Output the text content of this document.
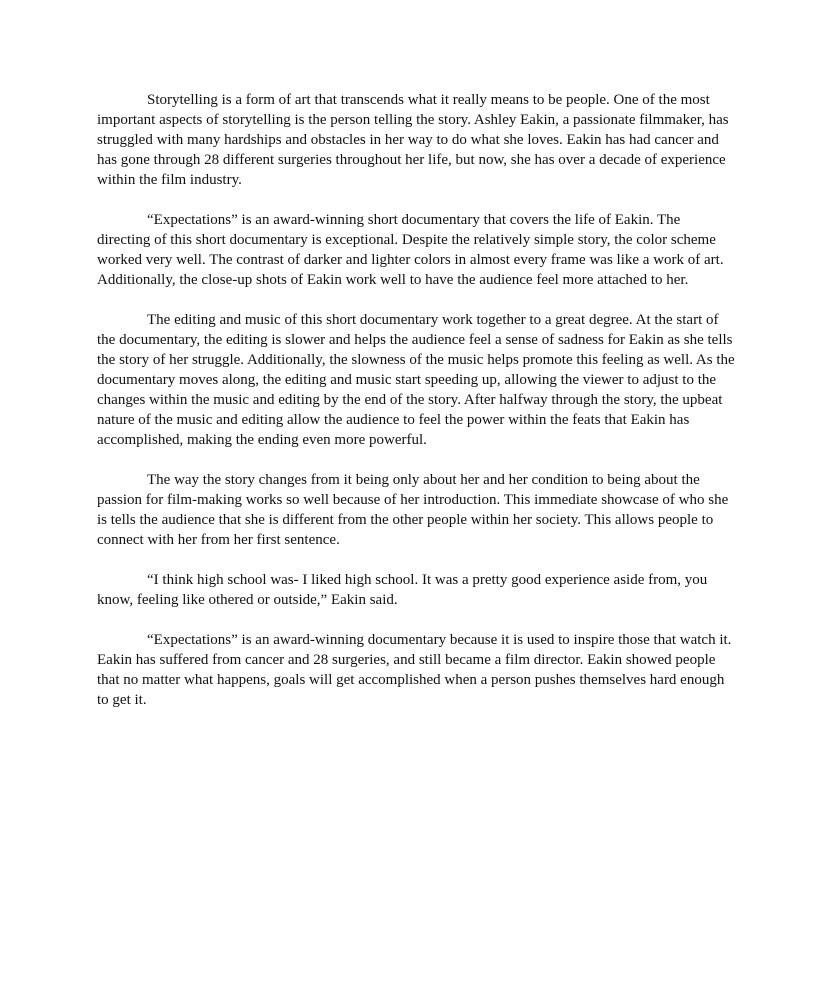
Storytelling is a form of art that transcends what it really means to be people. One of the most important aspects of storytelling is the person telling the story. Ashley Eakin, a passionate filmmaker, has struggled with many hardships and obstacles in her way to do what she loves. Eakin has had cancer and has gone through 28 different surgeries throughout her life, but now, she has over a decade of experience within the film industry.

“Expectations” is an award-winning short documentary that covers the life of Eakin. The directing of this short documentary is exceptional. Despite the relatively simple story, the color scheme worked very well. The contrast of darker and lighter colors in almost every frame was like a work of art. Additionally, the close-up shots of Eakin work well to have the audience feel more attached to her.

The editing and music of this short documentary work together to a great degree. At the start of the documentary, the editing is slower and helps the audience feel a sense of sadness for Eakin as she tells the story of her struggle. Additionally, the slowness of the music helps promote this feeling as well. As the documentary moves along, the editing and music start speeding up, allowing the viewer to adjust to the changes within the music and editing by the end of the story. After halfway through the story, the upbeat nature of the music and editing allow the audience to feel the power within the feats that Eakin has accomplished, making the ending even more powerful.

The way the story changes from it being only about her and her condition to being about the passion for film-making works so well because of her introduction. This immediate showcase of who she is tells the audience that she is different from the other people within her society. This allows people to connect with her from her first sentence.

“I think high school was- I liked high school. It was a pretty good experience aside from, you know, feeling like othered or outside,” Eakin said.

“Expectations” is an award-winning documentary because it is used to inspire those that watch it. Eakin has suffered from cancer and 28 surgeries, and still became a film director. Eakin showed people that no matter what happens, goals will get accomplished when a person pushes themselves hard enough to get it.
